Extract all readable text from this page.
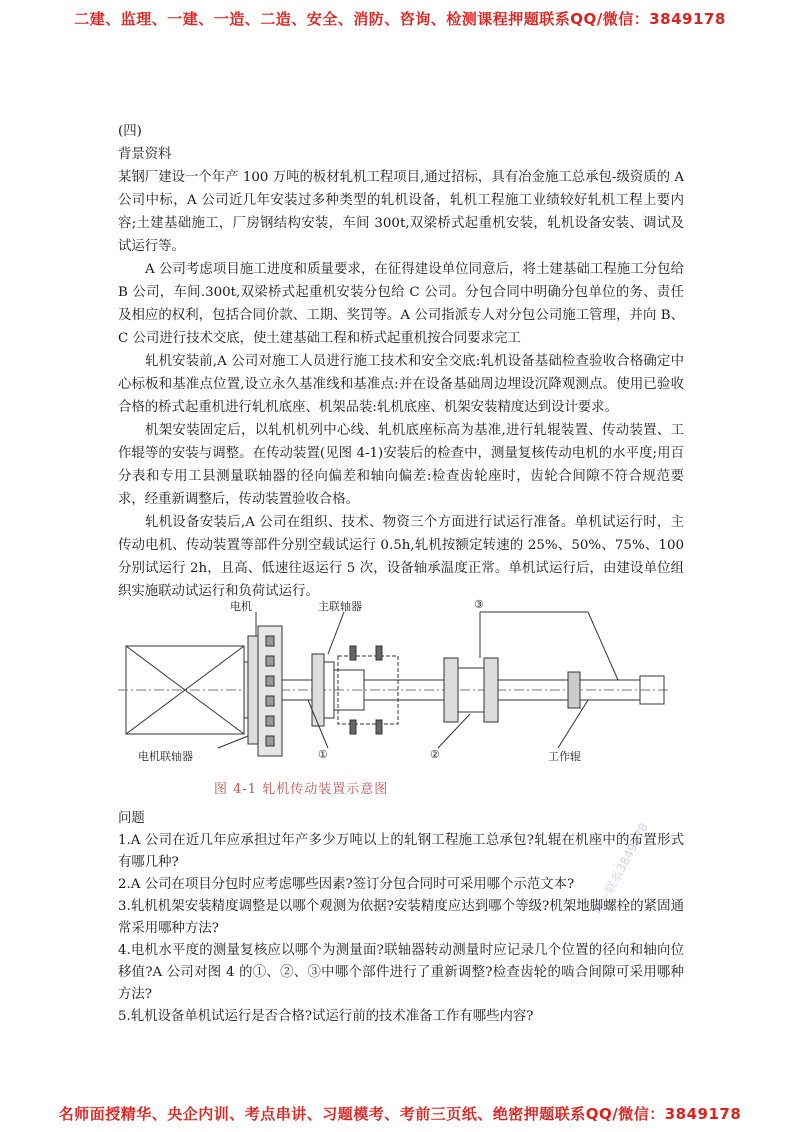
二建、监理、一建、一造、二造、安全、消防、咨询、检测课程押题联系QQ/微信：3849178

(四)

背景资料

某钢厂建设一个年产 100 万吨的板材轧机工程项目,通过招标，具有冶金施工总承包-级资质的 A 公司中标，A 公司近几年安装过多种类型的轧机设备，轧机工程施工业绩较好轧机工程上要内容;土建基础施工，厂房钢结构安装，车间 300t,双梁桥式起重机安装，轧机设备安装、调试及试运行等。

A 公司考虑项目施工进度和质量要求，在征得建设单位同意后，将土建基础工程施工分包给 B 公司，车间.300t,双梁桥式起重机安装分包给 C 公司。分包合同中明确分包单位的务、责任及相应的权利，包括合同价款、工期、奖罚等。A 公司指派专人对分包公司施工管理，并向 B、C 公司进行技术交底，使土建基础工程和桥式起重机按合同要求完工

轧机安装前,A 公司对施工人员进行施工技术和安全交底:轧机设备基础检查验收合格确定中心标板和基准点位置,设立永久基准线和基准点:并在设备基础周边埋设沉降观测点。使用已验收合格的桥式起重机进行轧机底座、机架品装:轧机底座、机架安装精度达到设计要求。

机架安装固定后，以轧机机列中心线、轧机底座标高为基准,进行轧辊装置、传动装置、工作辊等的安装与调整。在传动装置(见图 4-1)安装后的检查中，测量复核传动电机的水平度;用百分表和专用工县测量联轴器的径向偏差和轴向偏差:检查齿轮座时，齿轮合间隙不符合规范要求，经重新调整后，传动装置验收合格。

轧机设备安装后,A 公司在组织、技术、物资三个方面进行试运行准备。单机试运行时，主传动电机、传动装置等部件分别空载试运行 0.5h,轧机按额定转速的 25%、50%、75%、100分别试运行 2h，且高、低速往返运行 5 次，设备轴承温度正常。单机试运行后，由建设单位组织实施联动试运行和负荷试运行。

电机	主联轴器	③
电机联轴器	①	②	工作辊
图 4-1 轧机传动装置示意图

问题

1.A 公司在近几年应承担过年产多少万吨以上的轧钢工程施工总承包?轧辊在机座中的布置形式有哪几种?

2.A 公司在项目分包时应考虑哪些因素?签订分包合同时可采用哪个示范文本?

3.轧机机架安装精度调整是以哪个观测为依据?安装精度应达到哪个等级?机架地脚螺栓的紧固通常采用哪种方法?

4.电机水平度的测量复核应以哪个为测量面?联轴器转动测量时应记录几个位置的径向和轴向位移值?A 公司对图 4 的①、②、③中哪个部件进行了重新调整?检查齿轮的啮合间隙可采用哪种方法?

5.轧机设备单机试运行是否合格?试运行前的技术准备工作有哪些内容?

唯一联系3849178
名师面授精华、央企内训、考点串讲、习题模考、考前三页纸、绝密押题联系QQ/微信：3849178
